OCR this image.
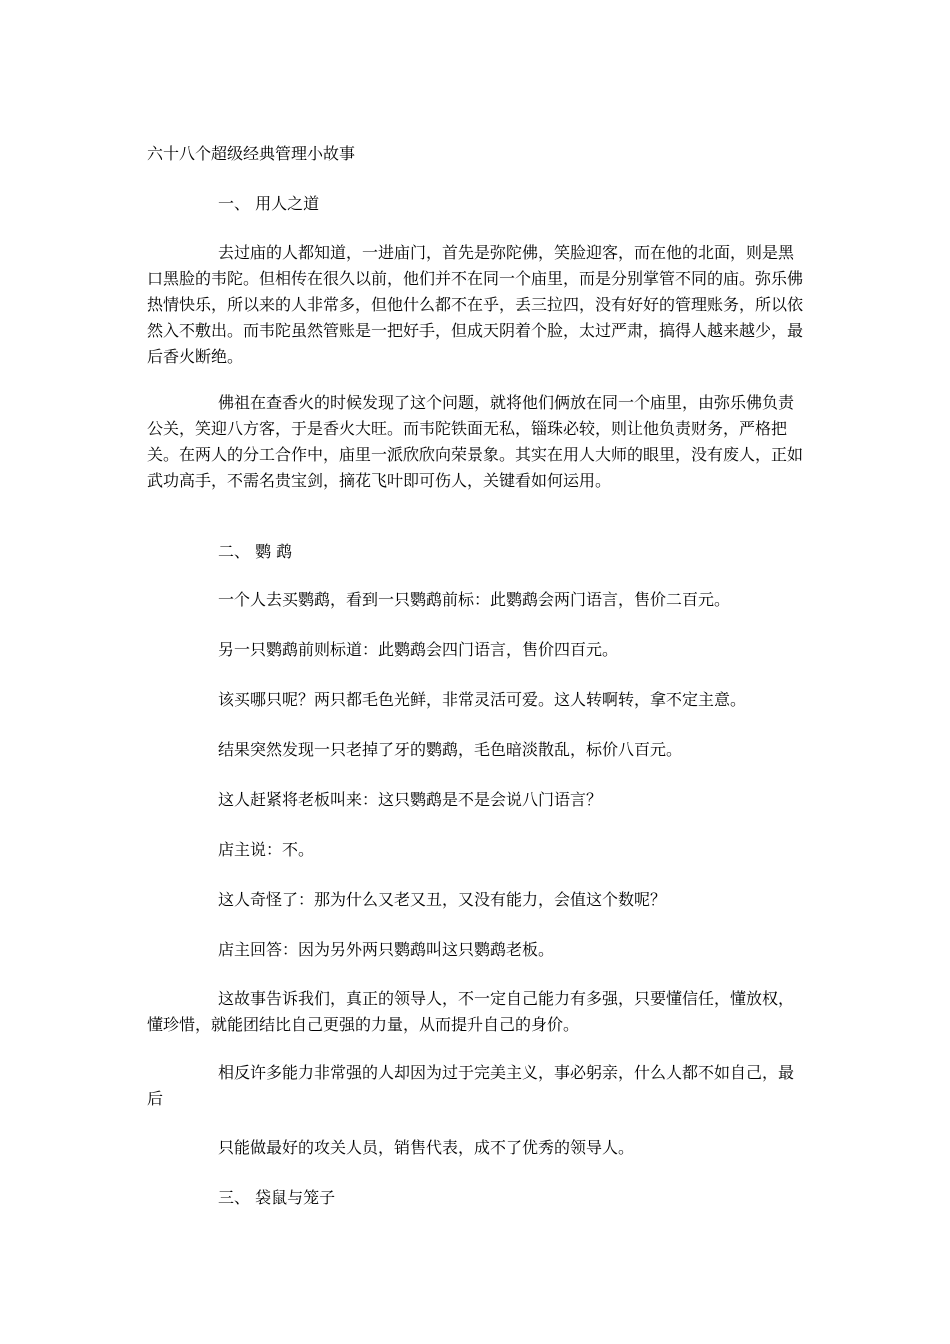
六十八个超级经典管理小故事
一、 用人之道
去过庙的人都知道，一进庙门，首先是弥陀佛，笑脸迎客，而在他的北面，则是黑口黑脸的韦陀。但相传在很久以前，他们并不在同一个庙里，而是分别掌管不同的庙。弥乐佛热情快乐，所以来的人非常多，但他什么都不在乎，丢三拉四，没有好好的管理账务，所以依然入不敷出。而韦陀虽然管账是一把好手，但成天阴着个脸，太过严肃，搞得人越来越少，最后香火断绝。
佛祖在查香火的时候发现了这个问题，就将他们俩放在同一个庙里，由弥乐佛负责公关，笑迎八方客，于是香火大旺。而韦陀铁面无私，锱珠必较，则让他负责财务，严格把关。在两人的分工合作中，庙里一派欣欣向荣景象。其实在用人大师的眼里，没有废人，正如武功高手，不需名贵宝剑，摘花飞叶即可伤人，关键看如何运用。
二、 鹦 鹉
一个人去买鹦鹉，看到一只鹦鹉前标：此鹦鹉会两门语言，售价二百元。
另一只鹦鹉前则标道：此鹦鹉会四门语言，售价四百元。
该买哪只呢？两只都毛色光鲜，非常灵活可爱。这人转啊转，拿不定主意。
结果突然发现一只老掉了牙的鹦鹉，毛色暗淡散乱，标价八百元。
这人赶紧将老板叫来：这只鹦鹉是不是会说八门语言？
店主说：不。
这人奇怪了：那为什么又老又丑，又没有能力，会值这个数呢？
店主回答：因为另外两只鹦鹉叫这只鹦鹉老板。
这故事告诉我们，真正的领导人，不一定自己能力有多强，只要懂信任，懂放权，懂珍惜，就能团结比自己更强的力量，从而提升自己的身价。
相反许多能力非常强的人却因为过于完美主义，事必躬亲，什么人都不如自己，最后
只能做最好的攻关人员，销售代表，成不了优秀的领导人。
三、 袋鼠与笼子
